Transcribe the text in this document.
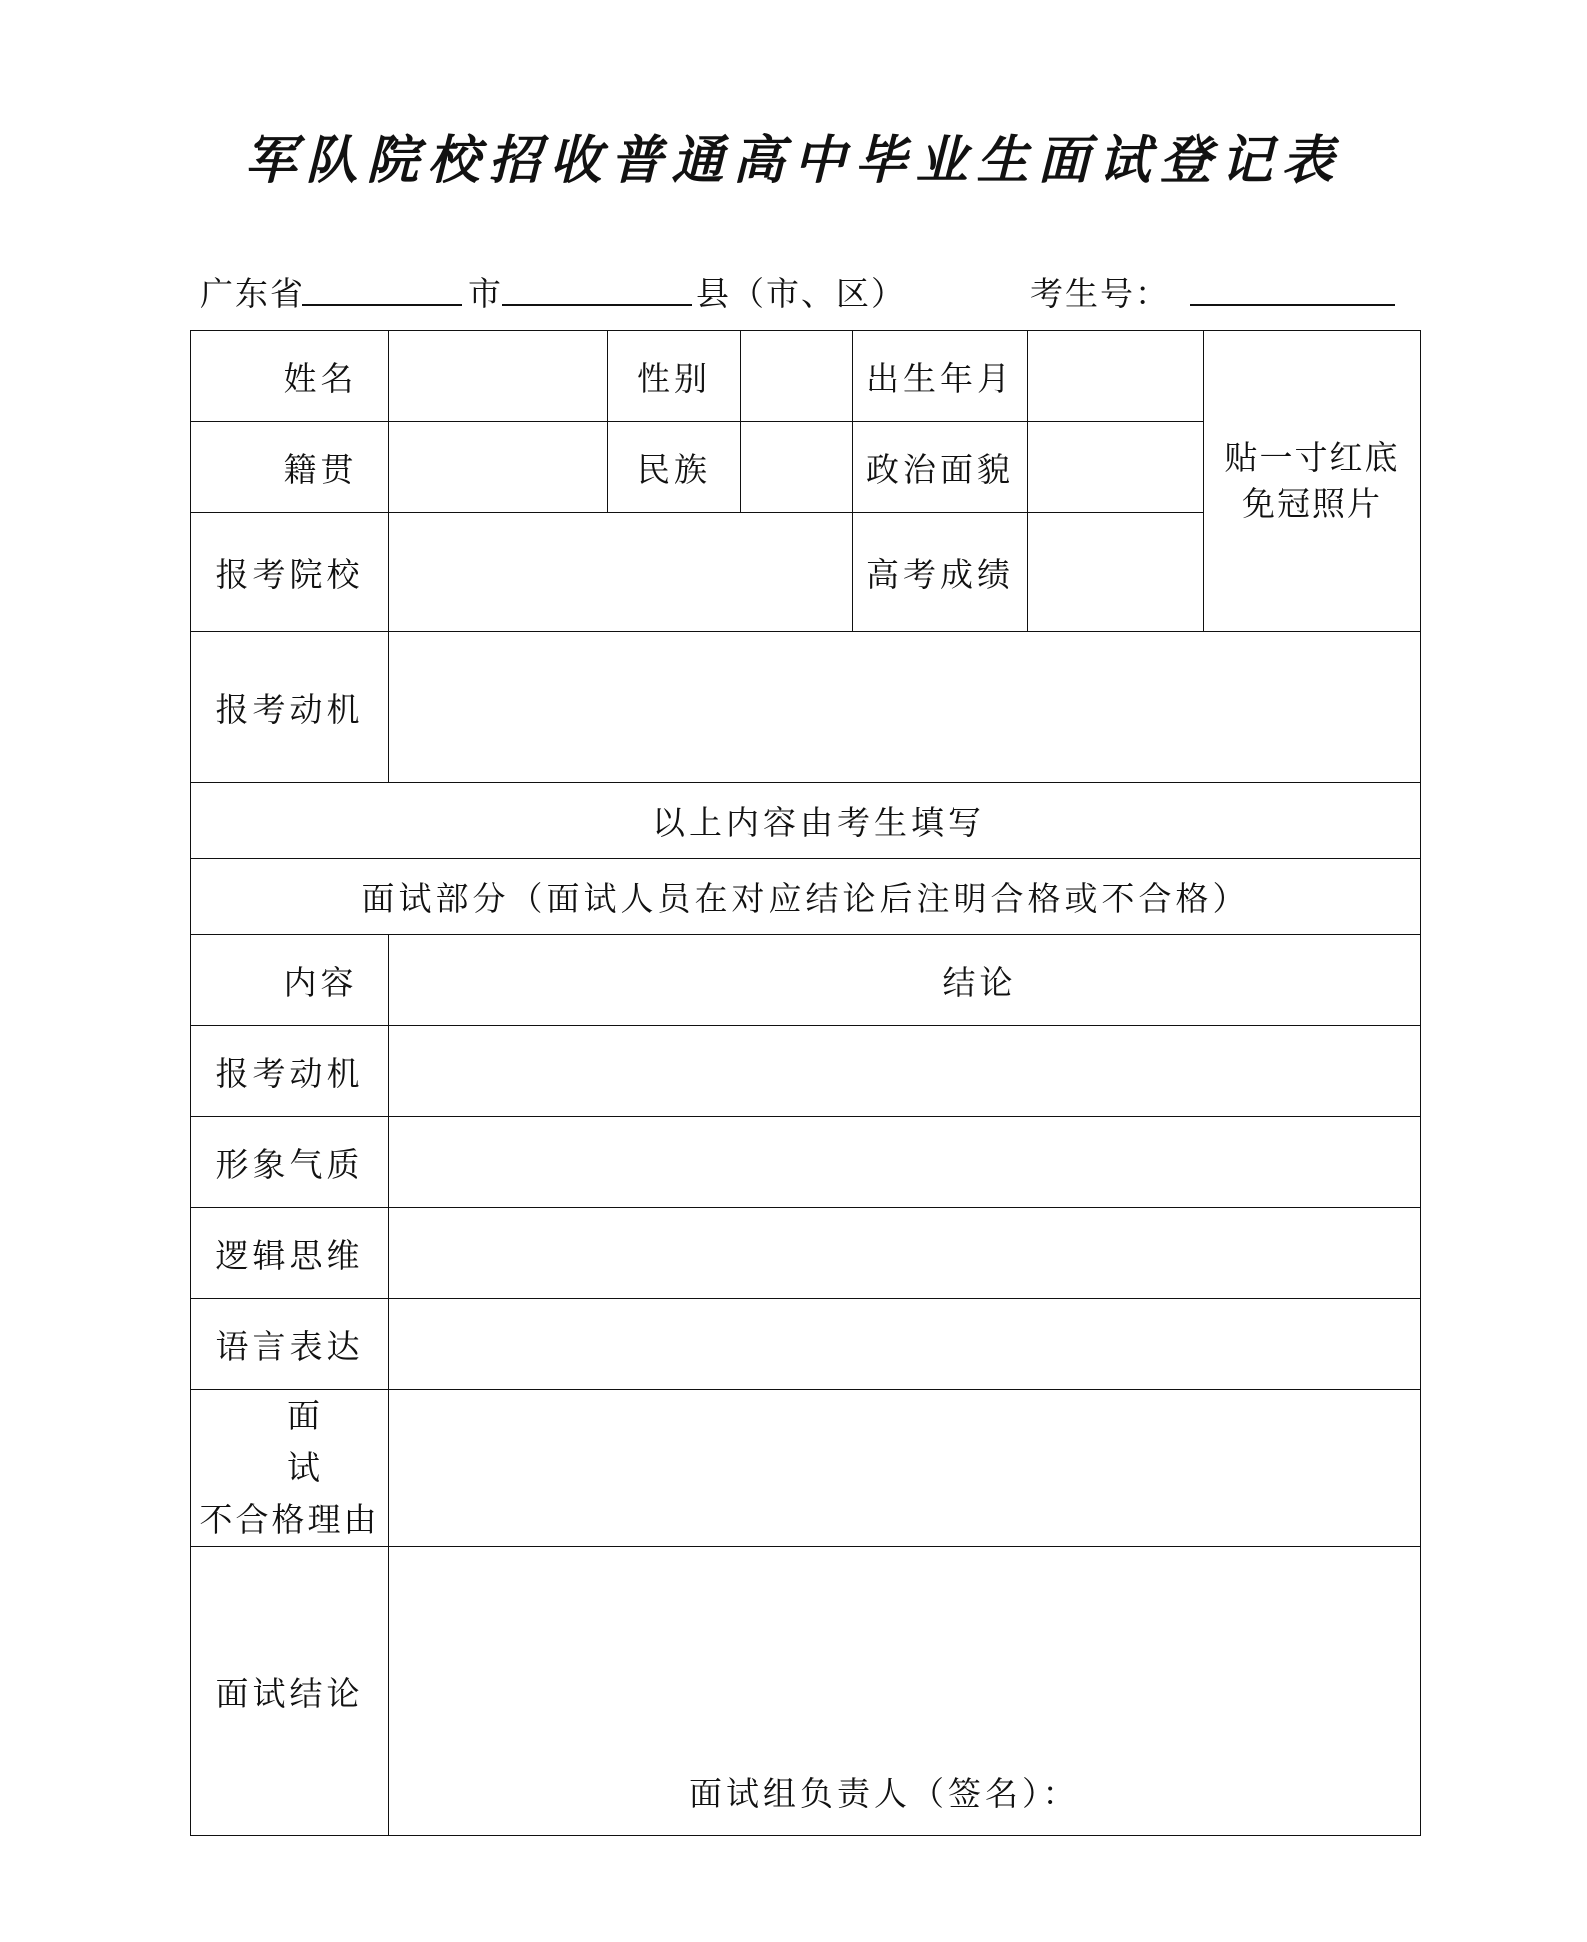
军队院校招收普通高中毕业生面试登记表
广东省	市	县（市、区）	考生号：
姓名		性别		出生年月		贴一寸红底免冠照片
籍贯		民族		政治面貌		
报考院校				高考成绩		
报考动机						
以上内容由考生填写						
面试部分（面试人员在对应结论后注明合格或不合格）						
内容	结论					
报考动机						
形象气质						
逻辑思维						
语言表达						

面试
不合格理由						
面试结论	面试组负责人（签名）：					
